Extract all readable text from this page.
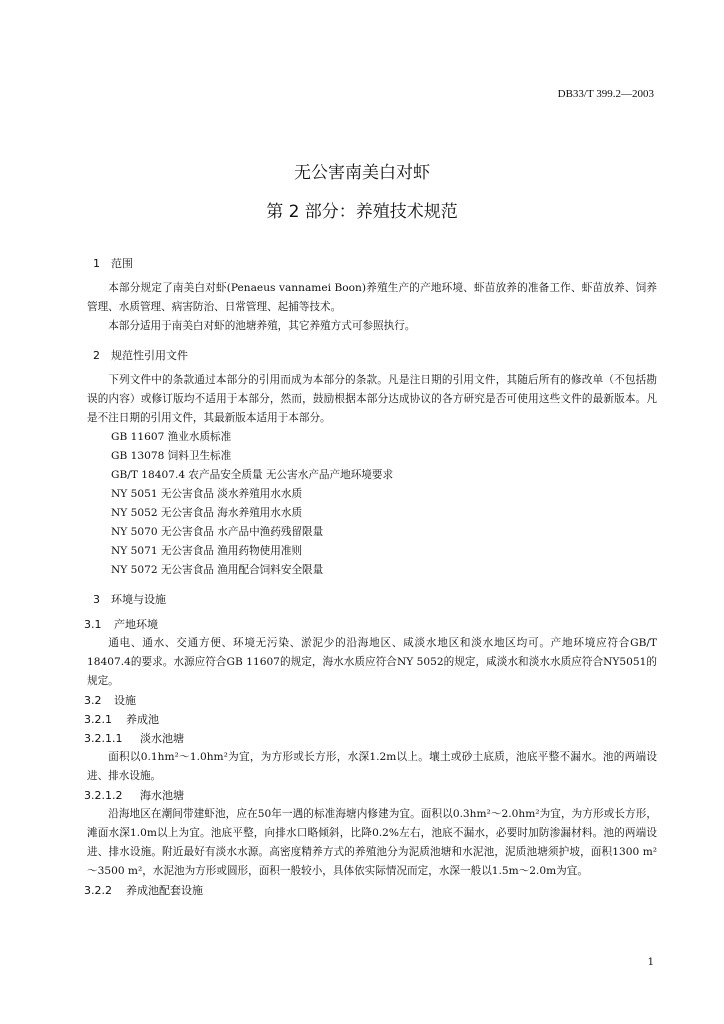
DB33/T 399.2—2003
无公害南美白对虾
第 2 部分：养殖技术规范

1 范围

本部分规定了南美白对虾(Penaeus vannamei Boon)养殖生产的产地环境、虾苗放养的准备工作、虾苗放养、饲养管理、水质管理、病害防治、日常管理、起捕等技术。

本部分适用于南美白对虾的池塘养殖，其它养殖方式可参照执行。

2 规范性引用文件

下列文件中的条款通过本部分的引用而成为本部分的条款。凡是注日期的引用文件，其随后所有的修改单（不包括勘误的内容）或修订版均不适用于本部分，然而，鼓励根据本部分达成协议的各方研究是否可使用这些文件的最新版本。凡是不注日期的引用文件，其最新版本适用于本部分。

GB 11607 渔业水质标准

GB 13078 饲料卫生标准

GB/T 18407.4 农产品安全质量 无公害水产品产地环境要求

NY 5051 无公害食品 淡水养殖用水水质

NY 5052 无公害食品 海水养殖用水水质

NY 5070 无公害食品 水产品中渔药残留限量

NY 5071 无公害食品 渔用药物使用准则

NY 5072 无公害食品 渔用配合饲料安全限量

3 环境与设施

3.1 产地环境

通电、通水、交通方便、环境无污染、淤泥少的沿海地区、咸淡水地区和淡水地区均可。产地环境应符合GB/T 18407.4的要求。水源应符合GB 11607的规定，海水水质应符合NY 5052的规定，咸淡水和淡水水质应符合NY5051的规定。

3.2 设施

3.2.1 养成池

3.2.1.1 淡水池塘

面积以0.1hm²～1.0hm²为宜，为方形或长方形，水深1.2m以上。壤土或砂土底质，池底平整不漏水。池的两端设进、排水设施。

3.2.1.2 海水池塘

沿海地区在潮间带建虾池，应在50年一遇的标准海塘内修建为宜。面积以0.3hm²～2.0hm²为宜，为方形或长方形，滩面水深1.0m以上为宜。池底平整，向排水口略倾斜，比降0.2%左右，池底不漏水，必要时加防渗漏材料。池的两端设进、排水设施。附近最好有淡水水源。高密度精养方式的养殖池分为泥质池塘和水泥池，泥质池塘须护坡，面积1300 m²～3500 m²，水泥池为方形或圆形，面积一般较小，具体依实际情况而定，水深一般以1.5m～2.0m为宜。

3.2.2 养成池配套设施

1
